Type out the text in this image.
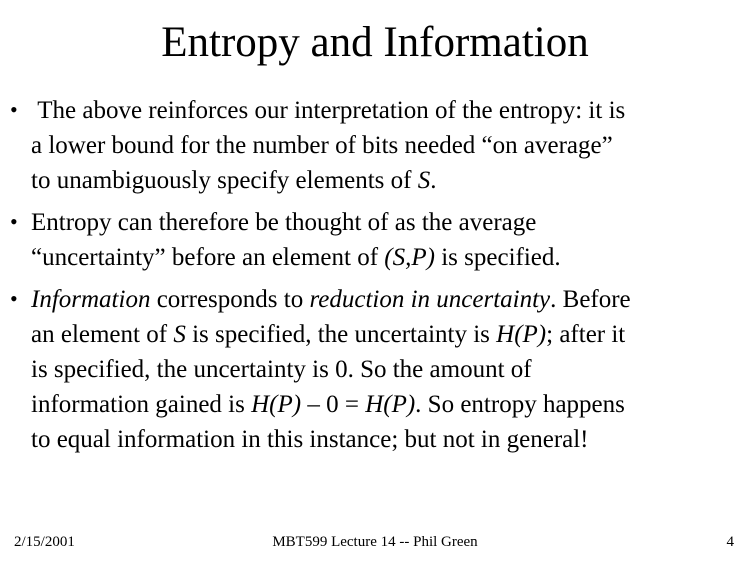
Entropy and Information
• The above reinforces our interpretation of the entropy: it is
a lower bound for the number of bits needed “on average”
to unambiguously specify elements of S.
• Entropy can therefore be thought of as the average
“uncertainty” before an element of (S,P) is specified.
• Information corresponds to reduction in uncertainty. Before
an element of S is specified, the uncertainty is H(P); after it
is specified, the uncertainty is 0. So the amount of
information gained is H(P) – 0 = H(P). So entropy happens
to equal information in this instance; but not in general!
2/15/2001	MBT599 Lecture 14 -- Phil Green	4
